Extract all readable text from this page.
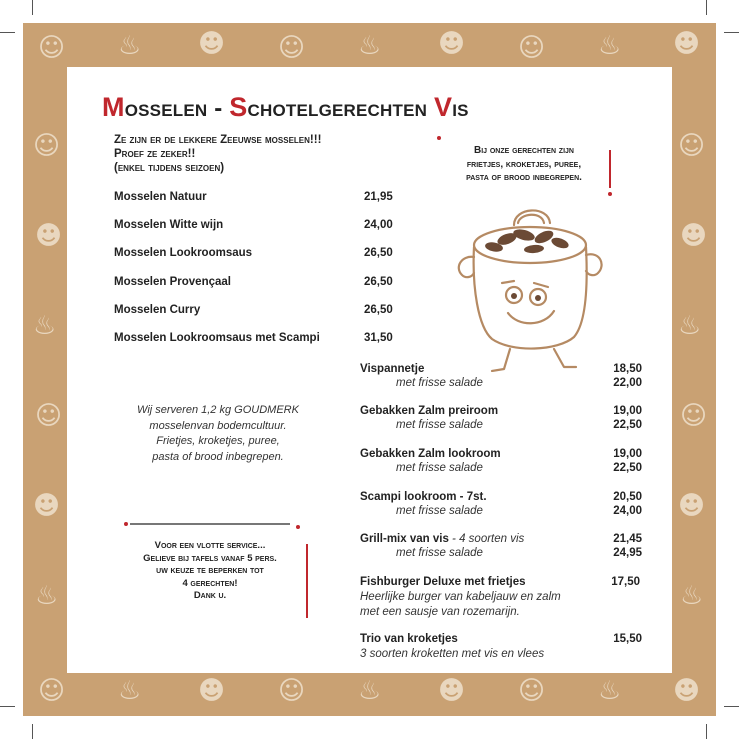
☺ ♨ ☻ ☺ ♨ ☻ ☺ ♨ ☻
☺ ♨ ☻ ☺ ♨ ☻ ☺ ♨ ☻
☺
☻
♨
☺
☻
♨
☺
☻
♨
☺
☻
♨
Mosselen - Schotelgerechten Vis
Ze zijn er de lekkere Zeeuwse mosselen!!!
Proef ze zeker!!
(enkel tijdens seizoen)
Bij onze gerechten zijn
frietjes, kroketjes, puree,
pasta of brood inbegrepen.
Mosselen Natuur	21,95
Mosselen Witte wijn	24,00
Mosselen Lookroomsaus	26,50
Mosselen Provençaal	26,50
Mosselen Curry	26,50
Mosselen Lookroomsaus met Scampi	31,50
Wij serveren 1,2 kg GOUDMERK
mosselenvan bodemcultuur.
Frietjes, kroketjes, puree,
pasta of brood inbegrepen.
Voor een vlotte service...
Gelieve bij tafels vanaf 5 pers.
uw keuze te beperken tot
4 gerechten!
Dank u.
Vispannetje	18,50
met frisse salade	22,00
Gebakken Zalm preiroom	19,00
met frisse salade	22,50
Gebakken Zalm lookroom	19,00
met frisse salade	22,50
Scampi lookroom - 7st.	20,50
met frisse salade	24,00
Grill-mix van vis - 4 soorten vis	21,45
met frisse salade	24,95
Fishburger Deluxe met frietjes	17,50
Heerlijke burger van kabeljauw en zalm
met een sausje van rozemarijn.
Trio van kroketjes	15,50
3 soorten kroketten met vis en vlees
